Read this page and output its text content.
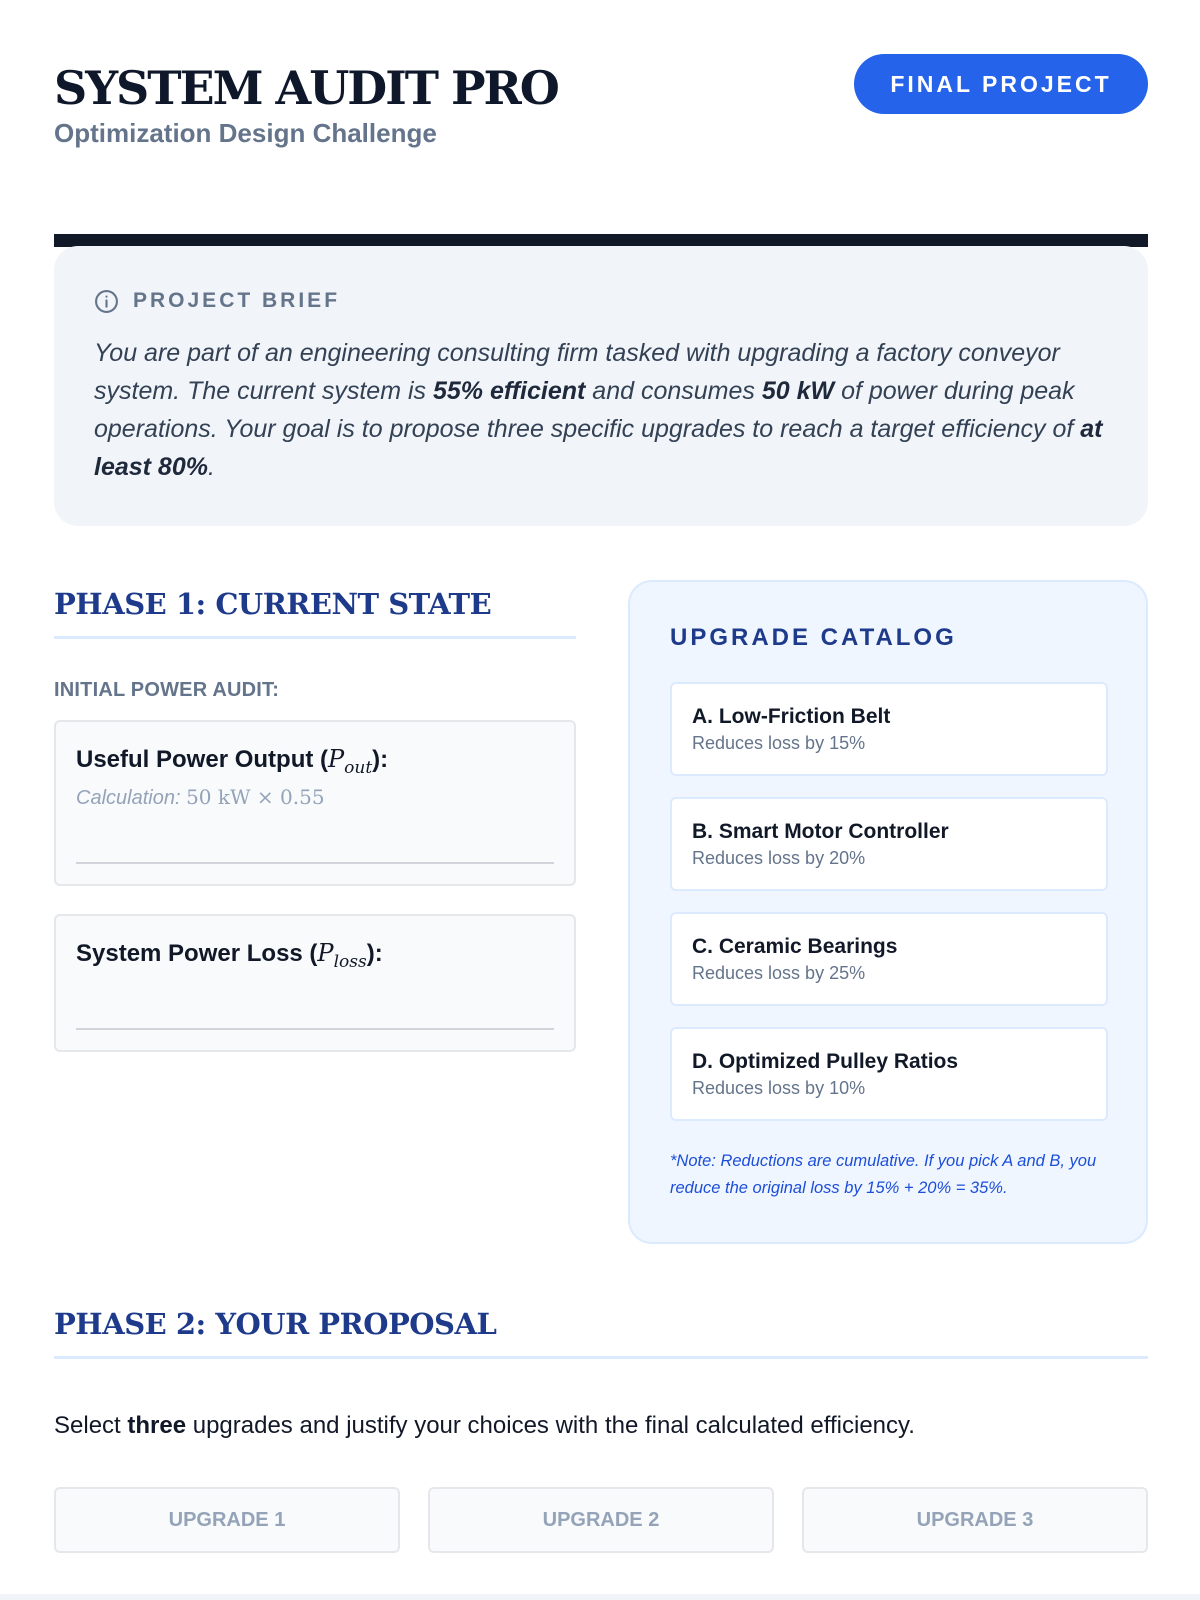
SYSTEM AUDIT PRO
Optimization Design Challenge
FINAL PROJECT
PROJECT BRIEF

You are part of an engineering consulting firm tasked with upgrading a factory conveyor system. The current system is 55% efficient and consumes 50 kW of power during peak operations. Your goal is to propose three specific upgrades to reach a target efficiency of at least 80%.

PHASE 1: CURRENT STATE
INITIAL POWER AUDIT:
Useful Power Output $(P_{out})$:
Calculation: 50 kW × 0.55
System Power Loss $(P_{loss})$:
UPGRADE CATALOG
A. Low-Friction Belt
Reduces loss by 15%
B. Smart Motor Controller
Reduces loss by 20%
C. Ceramic Bearings
Reduces loss by 25%
D. Optimized Pulley Ratios
Reduces loss by 10%
*Note: Reductions are cumulative. If you pick A and B, you reduce the original loss by 15% + 20% = 35%.
PHASE 2: YOUR PROPOSAL

Select three upgrades and justify your choices with the final calculated efficiency.

UPGRADE 1	UPGRADE 2	UPGRADE 3
